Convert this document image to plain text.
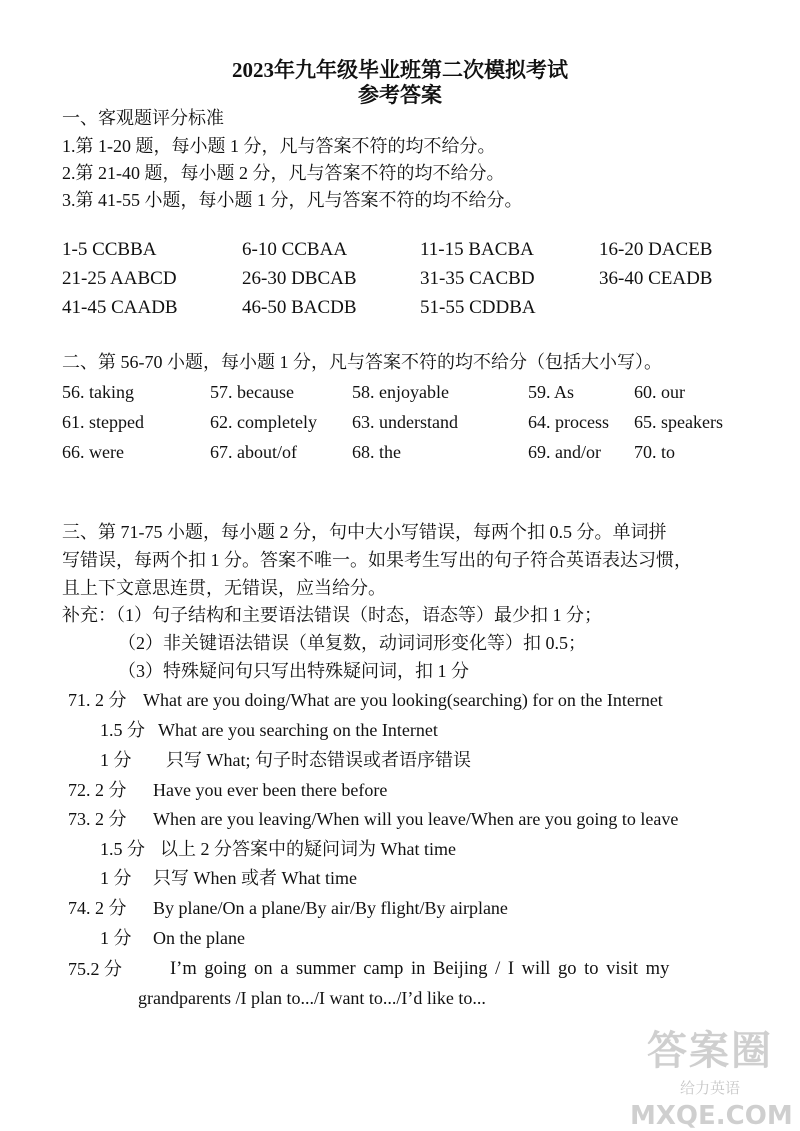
2023年九年级毕业班第二次模拟考试
参考答案
一、客观题评分标准
1.第 1-20 题，每小题 1 分，凡与答案不符的均不给分。
2.第 21-40 题，每小题 2 分，凡与答案不符的均不给分。
3.第 41-55 小题，每小题 1 分，凡与答案不符的均不给分。
1-5 CCBBA	6-10 CCBAA	11-15 BACBA	16-20 DACEB
21-25 AABCD	26-30 DBCAB	31-35 CACBD	36-40 CEADB
41-45 CAADB	46-50 BACDB	51-55 CDDBA
二、第 56-70 小题，每小题 1 分，凡与答案不符的均不给分（包括大小写）。
56. taking	57. because	58. enjoyable	59. As	60. our
61. stepped	62. completely 63. understand	64. process 65. speakers
66. were	67. about/of	68. the	69. and/or 70. to
三、第 71-75 小题，每小题 2 分，句中大小写错误，每两个扣 0.5 分。单词拼
写错误，每两个扣 1 分。答案不唯一。如果考生写出的句子符合英语表达习惯，
且上下文意思连贯，无错误，应当给分。
补充：（1）句子结构和主要语法错误（时态，语态等）最少扣 1 分；
（2）非关键语法错误（单复数，动词词形变化等）扣 0.5；
（3）特殊疑问句只写出特殊疑问词，扣 1 分
71. 2 分 What are you doing/What are you looking(searching) for on the Internet
1.5 分 What are you searching on the Internet
1 分 只写 What; 句子时态错误或者语序错误
72. 2 分 Have you ever been there before
73. 2 分 When are you leaving/When will you leave/When are you going to leave
1.5 分 以上 2 分答案中的疑问词为 What time
1 分 只写 When 或者 What time
74. 2 分 By plane/On a plane/By air/By flight/By airplane
1 分 On the plane
75.2 分	I’m going on a summer camp in Beijing / I will go to visit my
grandparents /I plan to.../I want to.../I’d like to...
答案圈
MXQE.COM
给力英语
